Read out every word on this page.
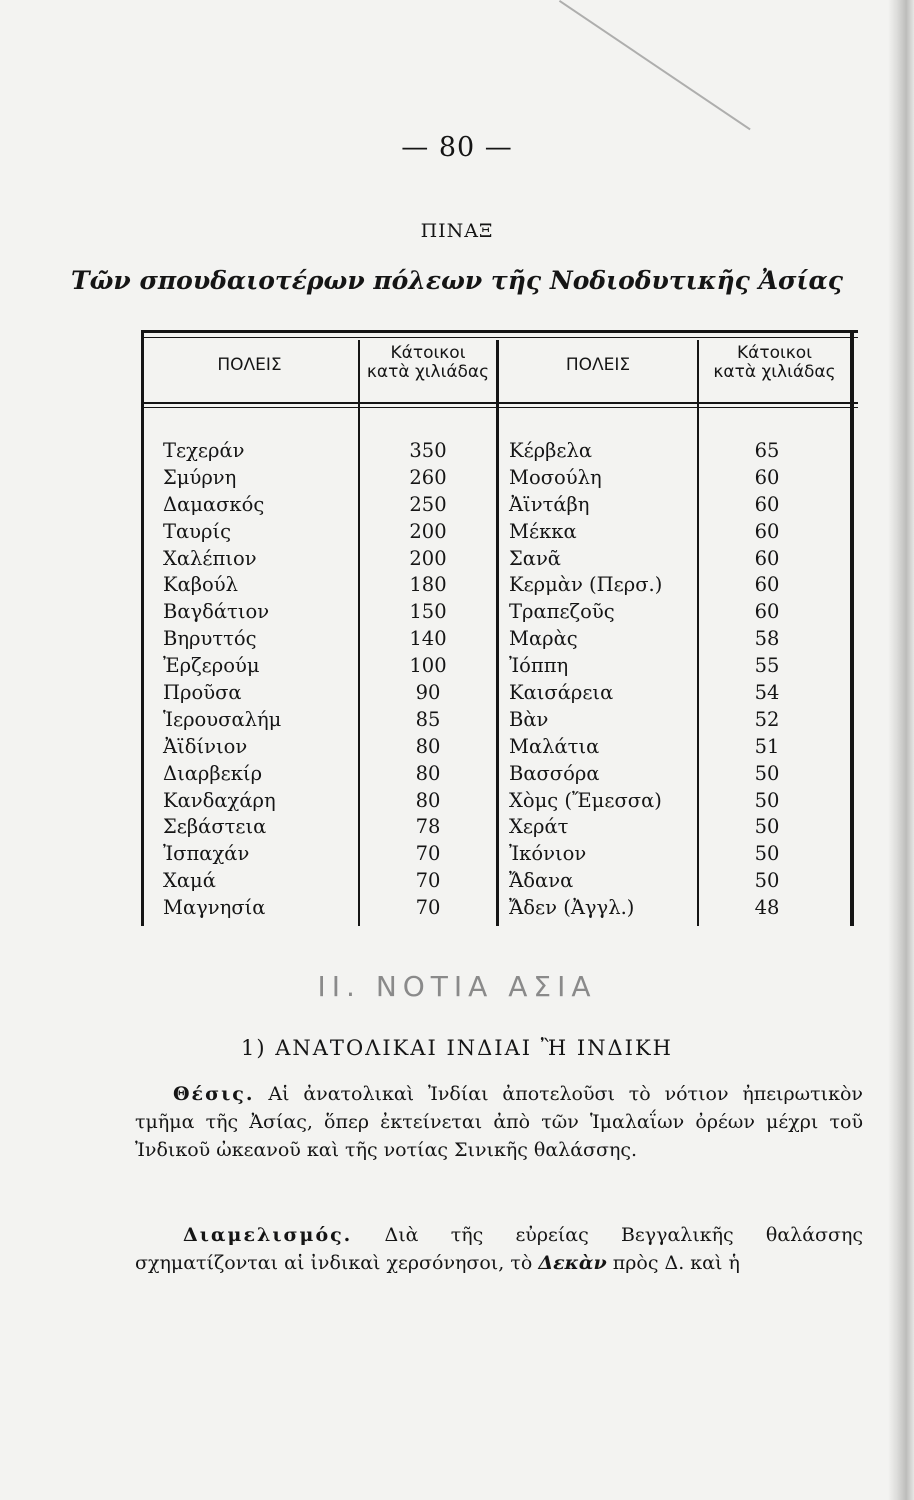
— 80 —
ΠΙΝΑΞ
Τῶν σπουδαιοτέρων πόλεων τῆς Νοδιοδυτικῆς Ἀσίας
ΠΟΛΕΙΣ
Κάτοικοι
κατὰ χιλιάδας	ΠΟΛΕΙΣ
Κάτοικοι
κατὰ χιλιάδας
Τεχεράν
Σμύρνη
Δαμασκός
Ταυρίς
Χαλέπιον
Καβούλ
Βαγδάτιον
Βηρυττός
Ἐρζερούμ
Προῦσα
Ἱερουσαλήμ
Ἀϊδίνιον
Διαρβεκίρ
Κανδαχάρη
Σεβάστεια
Ἰσπαχάν
Χαμά
Μαγνησία
350
260
250
200
200
180
150
140
100
90
85
80
80
80
78
70
70
70
Κέρβελα
Μοσούλη
Ἀϊντάβη
Μέκκα
Σανᾶ
Κερμὰν (Περσ.)
Τραπεζοῦς
Μαρὰς
Ἰόππη
Καισάρεια
Βὰν
Μαλάτια
Βασσόρα
Χὸμς (Ἔμεσσα)
Χεράτ
Ἰκόνιον
Ἄδανα
Ἄδεν (Ἀγγλ.)
65
60
60
60
60
60
60
58
55
54
52
51
50
50
50
50
50
48
ΙΙ. ΝΟΤΙΑ ΑΣΙΑ
1) ΑΝΑΤΟΛΙΚΑΙ ΙΝΔΙΑΙ Ἢ ΙΝΔΙΚΗ
Θέσις. Αἱ ἀνατολικαὶ Ἰνδίαι ἀποτελοῦσι τὸ νότιον ἠπειρωτικὸν τμῆμα τῆς Ἀσίας, ὅπερ ἐκτείνεται ἀπὸ τῶν Ἱμαλαΐων ὀρέων μέχρι τοῦ Ἰνδικοῦ ὠκεανοῦ καὶ τῆς νοτίας Σινικῆς θαλάσσης.
Διαμελισμός. Διὰ τῆς εὐρείας Βεγγαλικῆς θαλάσσης σχηματίζονται αἱ ἰνδικαὶ χερσόνησοι, τὸ Δεκὰν πρὸς Δ. καὶ ἡ
